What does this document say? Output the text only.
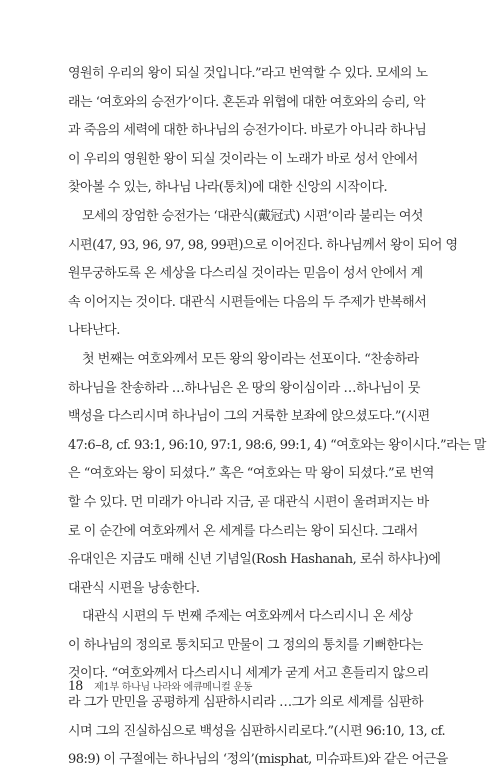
영원히 우리의 왕이 되실 것입니다.”라고 번역할 수 있다. 모세의 노
래는 ‘여호와의 승전가’이다. 혼돈과 위협에 대한 여호와의 승리, 악
과 죽음의 세력에 대한 하나님의 승전가이다. 바로가 아니라 하나님
이 우리의 영원한 왕이 되실 것이라는 이 노래가 바로 성서 안에서
찾아볼 수 있는, 하나님 나라(통치)에 대한 신앙의 시작이다.
모세의 장엄한 승전가는 ‘대관식(戴冠式) 시편’이라 불리는 여섯
시편(47, 93, 96, 97, 98, 99편)으로 이어진다. 하나님께서 왕이 되어 영
원무궁하도록 온 세상을 다스리실 것이라는 믿음이 성서 안에서 계
속 이어지는 것이다. 대관식 시편들에는 다음의 두 주제가 반복해서
나타난다.
첫 번째는 여호와께서 모든 왕의 왕이라는 선포이다. “찬송하라
하나님을 찬송하라 …하나님은 온 땅의 왕이심이라 …하나님이 뭇
백성을 다스리시며 하나님이 그의 거룩한 보좌에 앉으셨도다.”(시편
47:6–8, cf. 93:1, 96:10, 97:1, 98:6, 99:1, 4) “여호와는 왕이시다.”라는 말
은 “여호와는 왕이 되셨다.” 혹은 “여호와는 막 왕이 되셨다.”로 번역
할 수 있다. 먼 미래가 아니라 지금, 곧 대관식 시편이 울려퍼지는 바
로 이 순간에 여호와께서 온 세계를 다스리는 왕이 되신다. 그래서
유대인은 지금도 매해 신년 기념일(Rosh Hashanah, 로쉬 하샤나)에
대관식 시편을 낭송한다.
대관식 시편의 두 번째 주제는 여호와께서 다스리시니 온 세상
이 하나님의 정의로 통치되고 만물이 그 정의의 통치를 기뻐한다는
것이다. “여호와께서 다스리시니 세계가 굳게 서고 흔들리지 않으리
라 그가 만민을 공평하게 심판하시리라 …그가 의로 세계를 심판하
시며 그의 진실하심으로 백성을 심판하시리로다.”(시편 96:10, 13, cf.
98:9) 이 구절에는 하나님의 ‘정의’(misphat, 미슈파트)와 같은 어근을
18 제1부 하나님 나라와 에큐메니컬 운동
